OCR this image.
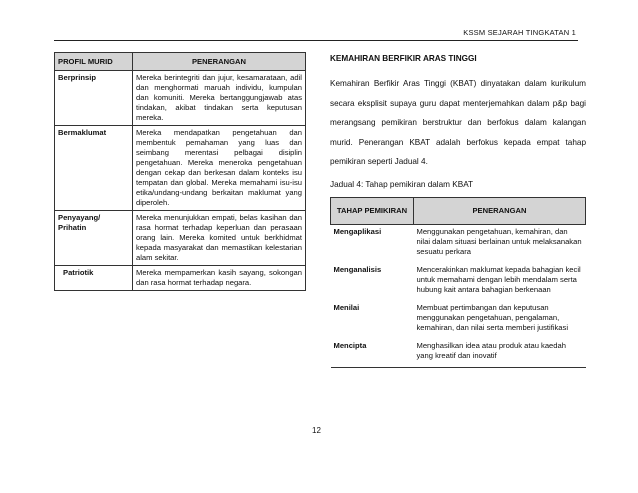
KSSM SEJARAH TINGKATAN 1
PROFIL MURID	PENERANGAN
Berprinsip	Mereka berintegriti dan jujur, kesamarataan, adil dan menghormati maruah individu, kumpulan dan komuniti. Mereka bertanggungjawab atas tindakan, akibat tindakan serta keputusan mereka.
Bermaklumat	Mereka mendapatkan pengetahuan dan membentuk pemahaman yang luas dan seimbang merentasi pelbagai disiplin pengetahuan. Mereka meneroka pengetahuan dengan cekap dan berkesan dalam konteks isu tempatan dan global. Mereka memahami isu-isu etika/undang-undang berkaitan maklumat yang diperoleh.
Penyayang/ Prihatin	Mereka menunjukkan empati, belas kasihan dan rasa hormat terhadap keperluan dan perasaan orang lain. Mereka komited untuk berkhidmat kepada masyarakat dan memastikan kelestarian alam sekitar.
Patriotik	Mereka mempamerkan kasih sayang, sokongan dan rasa hormat terhadap negara.
KEMAHIRAN BERFIKIR ARAS TINGGI
Kemahiran Berfikir Aras Tinggi (KBAT) dinyatakan dalam kurikulum secara eksplisit supaya guru dapat menterjemahkan dalam p&p bagi merangsang pemikiran berstruktur dan berfokus dalam kalangan murid. Penerangan KBAT adalah berfokus kepada empat tahap pemikiran seperti Jadual 4.
Jadual 4: Tahap pemikiran dalam KBAT
TAHAP PEMIKIRAN	PENERANGAN
Mengaplikasi	Menggunakan pengetahuan, kemahiran, dan nilai dalam situasi berlainan untuk melaksanakan sesuatu perkara
Menganalisis	Mencerakinkan maklumat kepada bahagian kecil untuk memahami dengan lebih mendalam serta hubung kait antara bahagian berkenaan
Menilai	Membuat pertimbangan dan keputusan menggunakan pengetahuan, pengalaman, kemahiran, dan nilai serta memberi justifikasi
Mencipta	Menghasilkan idea atau produk atau kaedah yang kreatif dan inovatif
12
